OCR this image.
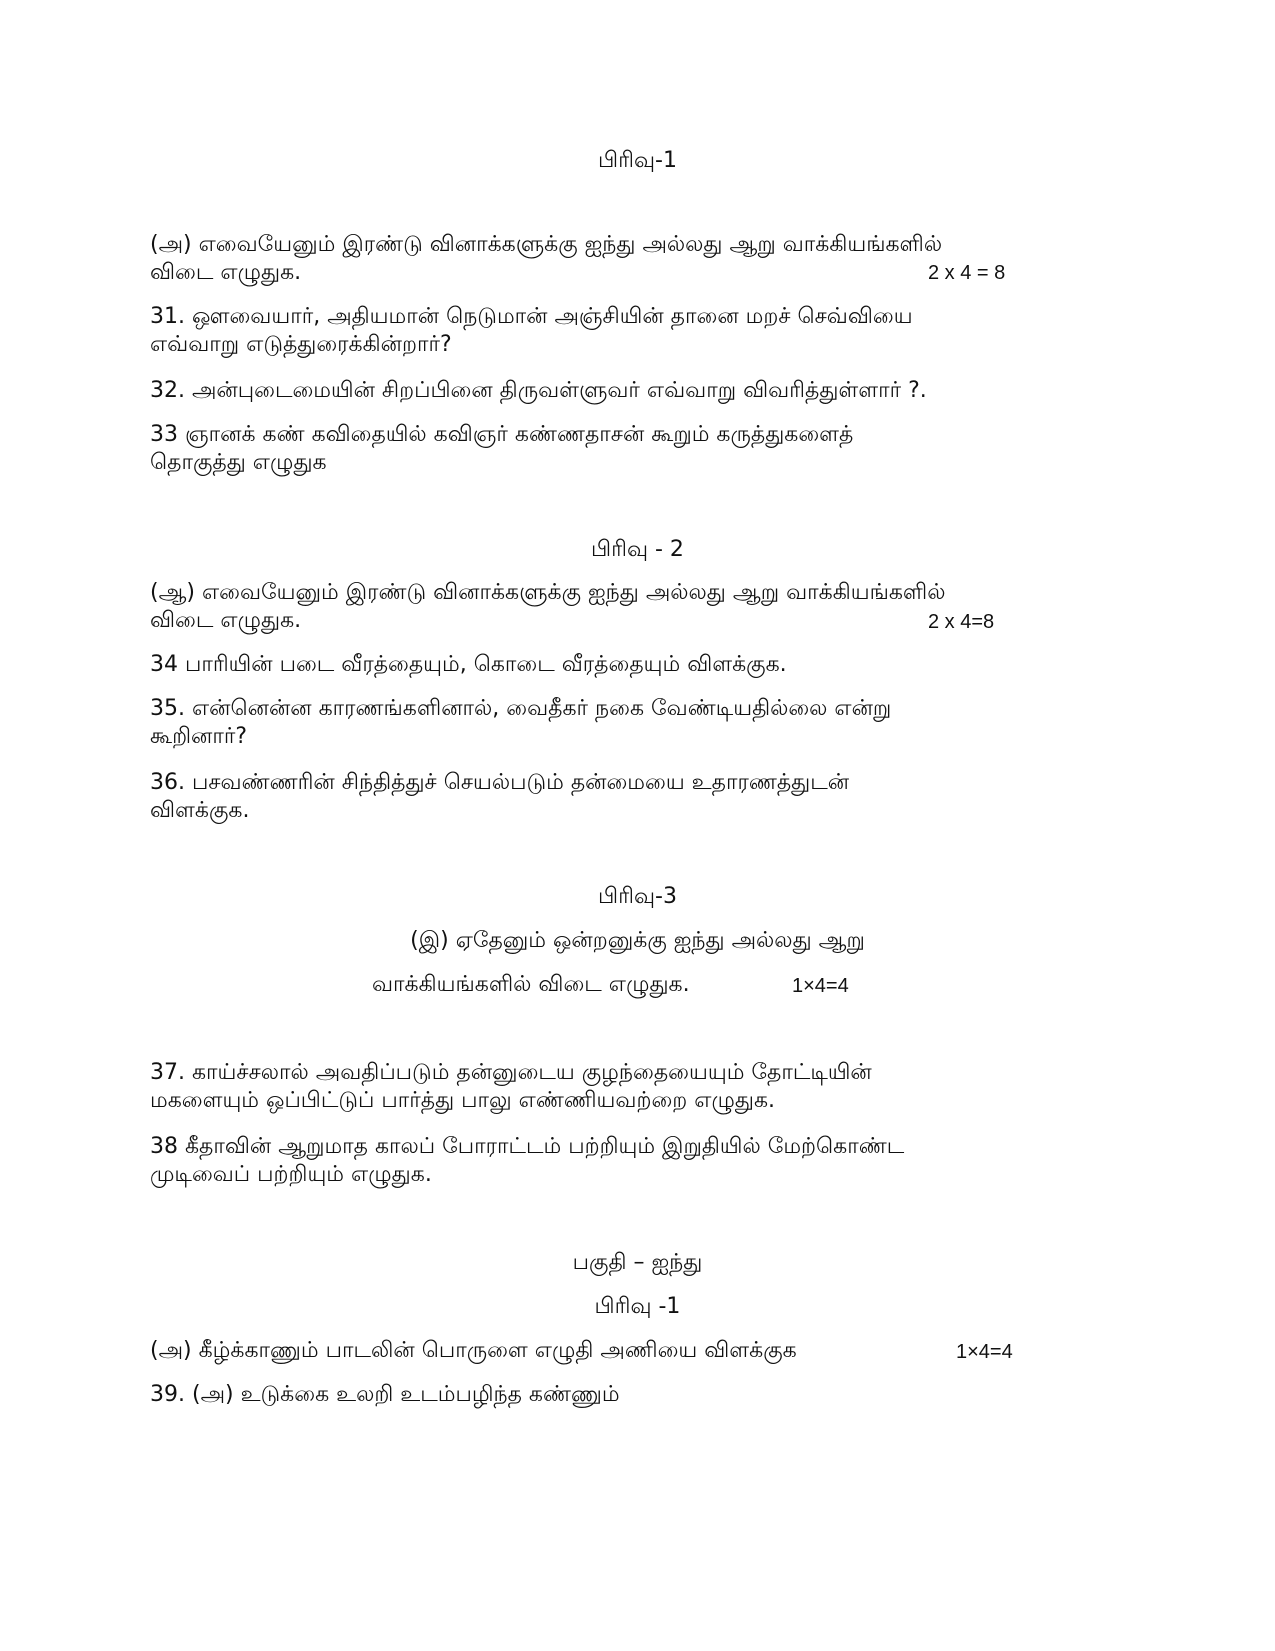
பிரிவு-1
(அ) எவையேனும் இரண்டு வினாக்களுக்கு ஐந்து அல்லது ஆறு வாக்கியங்களில்
விடை எழுதுக.	2 x 4 = 8
31. ஔவையார், அதியமான் நெடுமான் அஞ்சியின் தானை மறச் செவ்வியை
எவ்வாறு எடுத்துரைக்கின்றார்?
32. அன்புடைமையின் சிறப்பினை திருவள்ளுவர் எவ்வாறு விவரித்துள்ளார் ?.
33 ஞானக் கண் கவிதையில் கவிஞர் கண்ணதாசன் கூறும் கருத்துகளைத்
தொகுத்து எழுதுக
பிரிவு - 2
(ஆ) எவையேனும் இரண்டு வினாக்களுக்கு ஐந்து அல்லது ஆறு வாக்கியங்களில்
விடை எழுதுக.	2 x 4=8
34 பாரியின் படை வீரத்தையும், கொடை வீரத்தையும் விளக்குக.
35. என்னென்ன காரணங்களினால், வைதீகர் நகை வேண்டியதில்லை என்று
கூறினார்?
36. பசவண்ணரின் சிந்தித்துச் செயல்படும் தன்மையை உதாரணத்துடன்
விளக்குக.
பிரிவு-3
(இ) ஏதேனும் ஒன்றனுக்கு ஐந்து அல்லது ஆறு
வாக்கியங்களில் விடை எழுதுக.	1×4=4
37. காய்ச்சலால் அவதிப்படும் தன்னுடைய குழந்தையையும் தோட்டியின்
மகளையும் ஒப்பிட்டுப் பார்த்து பாலு எண்ணியவற்றை எழுதுக.
38 கீதாவின் ஆறுமாத காலப் போராட்டம் பற்றியும் இறுதியில் மேற்கொண்ட
முடிவைப் பற்றியும் எழுதுக.
பகுதி – ஐந்து
பிரிவு -1
(அ) கீழ்க்காணும் பாடலின் பொருளை எழுதி அணியை விளக்குக	1×4=4
39. (அ) உடுக்கை உலறி உடம்பழிந்த கண்ணும்
